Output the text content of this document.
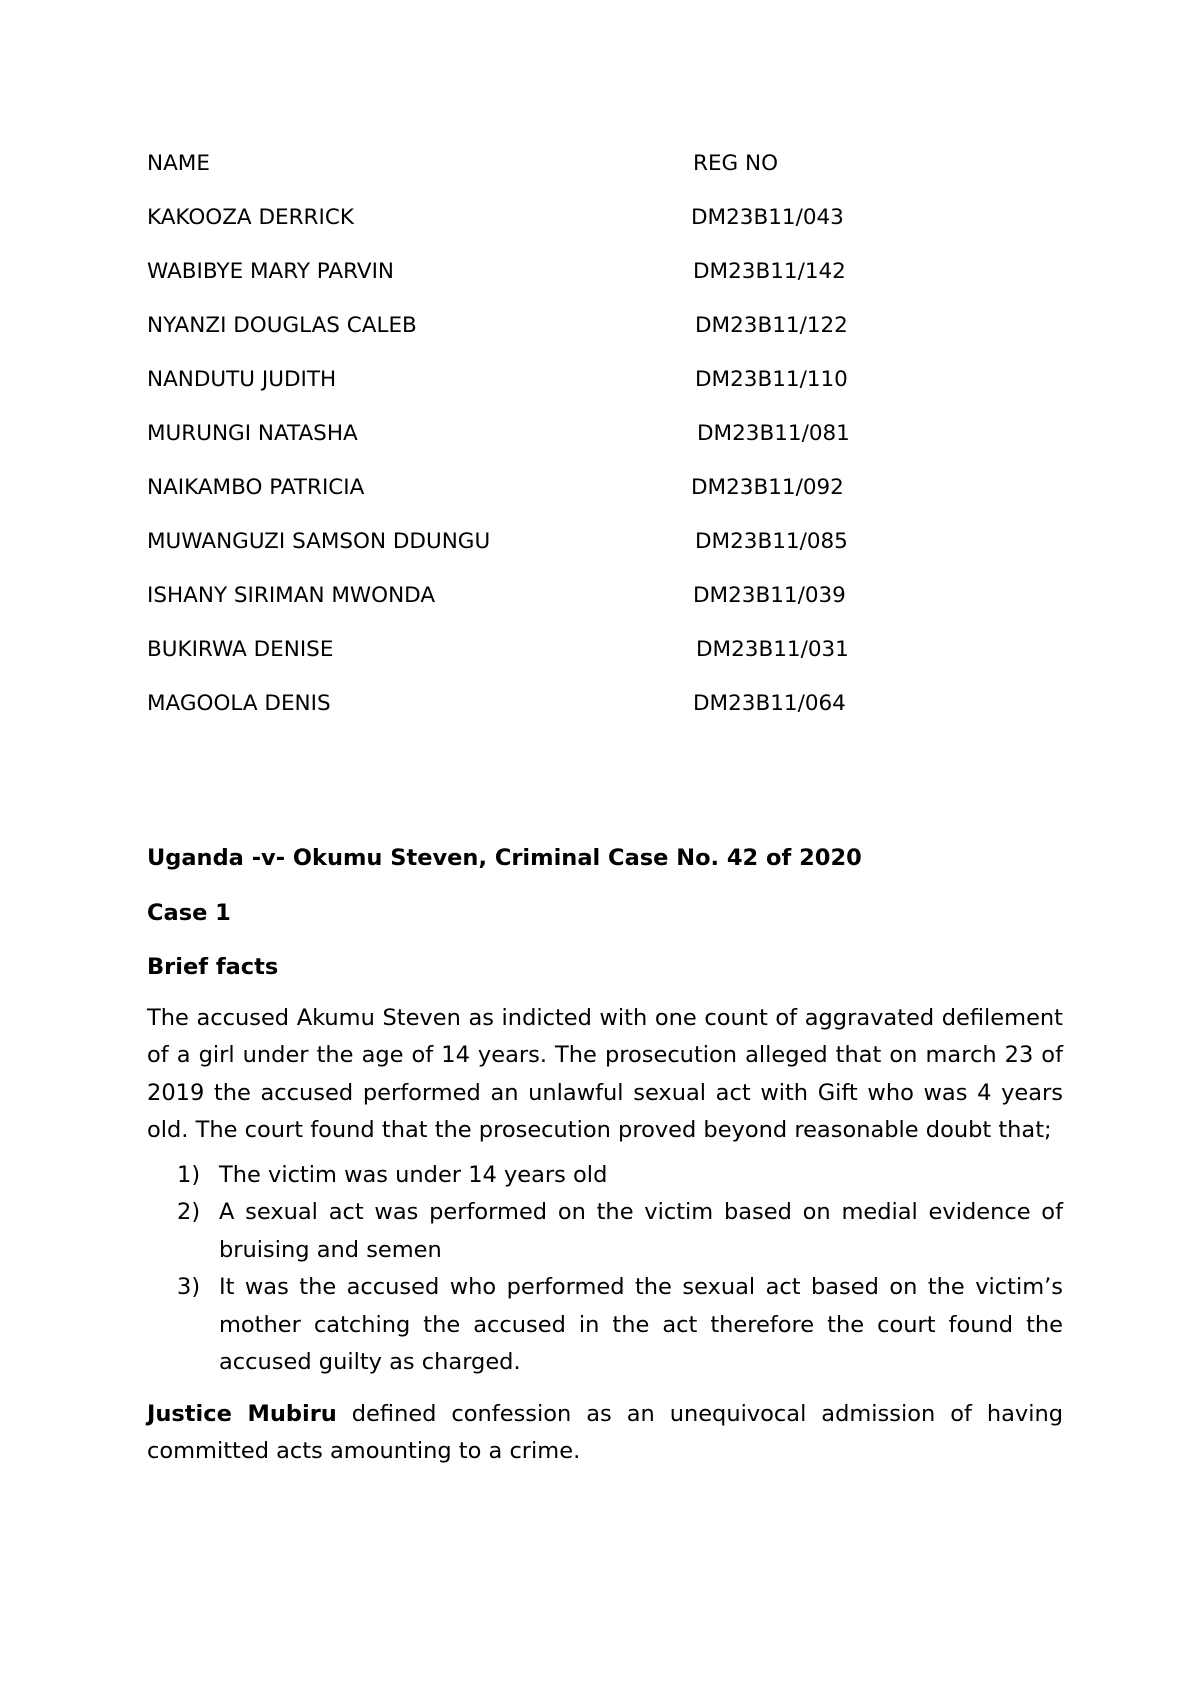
NAME	REG NO
KAKOOZA DERRICK	DM23B11/043
WABIBYE MARY PARVIN	DM23B11/142
NYANZI DOUGLAS CALEB	DM23B11/122
NANDUTU JUDITH	DM23B11/110
MURUNGI NATASHA	DM23B11/081
NAIKAMBO PATRICIA	DM23B11/092
MUWANGUZI SAMSON DDUNGU	DM23B11/085
ISHANY SIRIMAN MWONDA	DM23B11/039
BUKIRWA DENISE	DM23B11/031
MAGOOLA DENIS	DM23B11/064

Uganda -v- Okumu Steven, Criminal Case No. 42 of 2020

Case 1

Brief facts

The accused Akumu Steven as indicted with one count of aggravated defilement of a girl under the age of 14 years. The prosecution alleged that on march 23 of 2019 the accused performed an unlawful sexual act with Gift who was 4 years old. The court found that the prosecution proved beyond reasonable doubt that;

1) The victim was under 14 years old
2) A sexual act was performed on the victim based on medial evidence of bruising and semen
3) It was the accused who performed the sexual act based on the victim’s mother catching the accused in the act therefore the court found the accused guilty as charged.

Justice Mubiru defined confession as an unequivocal admission of having committed acts amounting to a crime.
